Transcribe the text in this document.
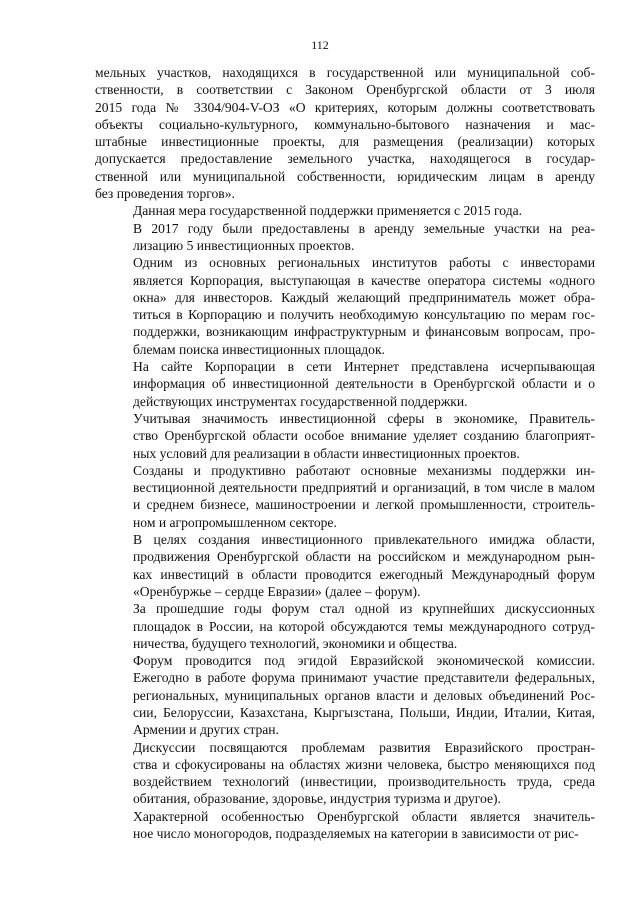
112

мельных участков, находящихся в государственной или муниципальной соб-
ственности, в соответствии с Законом Оренбургской области от 3 июля
2015 года № 3304/904-V-ОЗ «О критериях, которым должны соответствовать
объекты социально-культурного, коммунально-бытового назначения и мас-
штабные инвестиционные проекты, для размещения (реализации) которых
допускается предоставление земельного участка, находящегося в государ-
ственной или муниципальной собственности, юридическим лицам в аренду
без проведения торгов».

Данная мера государственной поддержки применяется с 2015 года.

В 2017 году были предоставлены в аренду земельные участки на реа-
лизацию 5 инвестиционных проектов.

Одним из основных региональных институтов работы с инвесторами
является Корпорация, выступающая в качестве оператора системы «одного
окна» для инвесторов. Каждый желающий предприниматель может обра-
титься в Корпорацию и получить необходимую консультацию по мерам гос-
поддержки, возникающим инфраструктурным и финансовым вопросам, про-
блемам поиска инвестиционных площадок.

На сайте Корпорации в сети Интернет представлена исчерпывающая
информация об инвестиционной деятельности в Оренбургской области и о
действующих инструментах государственной поддержки.

Учитывая значимость инвестиционной сферы в экономике, Правитель-
ство Оренбургской области особое внимание уделяет созданию благоприят-
ных условий для реализации в области инвестиционных проектов.

Созданы и продуктивно работают основные механизмы поддержки ин-
вестиционной деятельности предприятий и организаций, в том числе в малом
и среднем бизнесе, машиностроении и легкой промышленности, строитель-
ном и агропромышленном секторе.

В целях создания инвестиционного привлекательного имиджа области,
продвижения Оренбургской области на российском и международном рын-
ках инвестиций в области проводится ежегодный Международный форум
«Оренбуржье – сердце Евразии» (далее – форум).

За прошедшие годы форум стал одной из крупнейших дискуссионных
площадок в России, на которой обсуждаются темы международного сотруд-
ничества, будущего технологий, экономики и общества.

Форум проводится под эгидой Евразийской экономической комиссии.
Ежегодно в работе форума принимают участие представители федеральных,
региональных, муниципальных органов власти и деловых объединений Рос-
сии, Белоруссии, Казахстана, Кыргызстана, Польши, Индии, Италии, Китая,
Армении и других стран.

Дискуссии посвящаются проблемам развития Евразийского простран-
ства и сфокусированы на областях жизни человека, быстро меняющихся под
воздействием технологий (инвестиции, производительность труда, среда
обитания, образование, здоровье, индустрия туризма и другое).

Характерной особенностью Оренбургской области является значитель-
ное число моногородов, подразделяемых на категории в зависимости от рис-
